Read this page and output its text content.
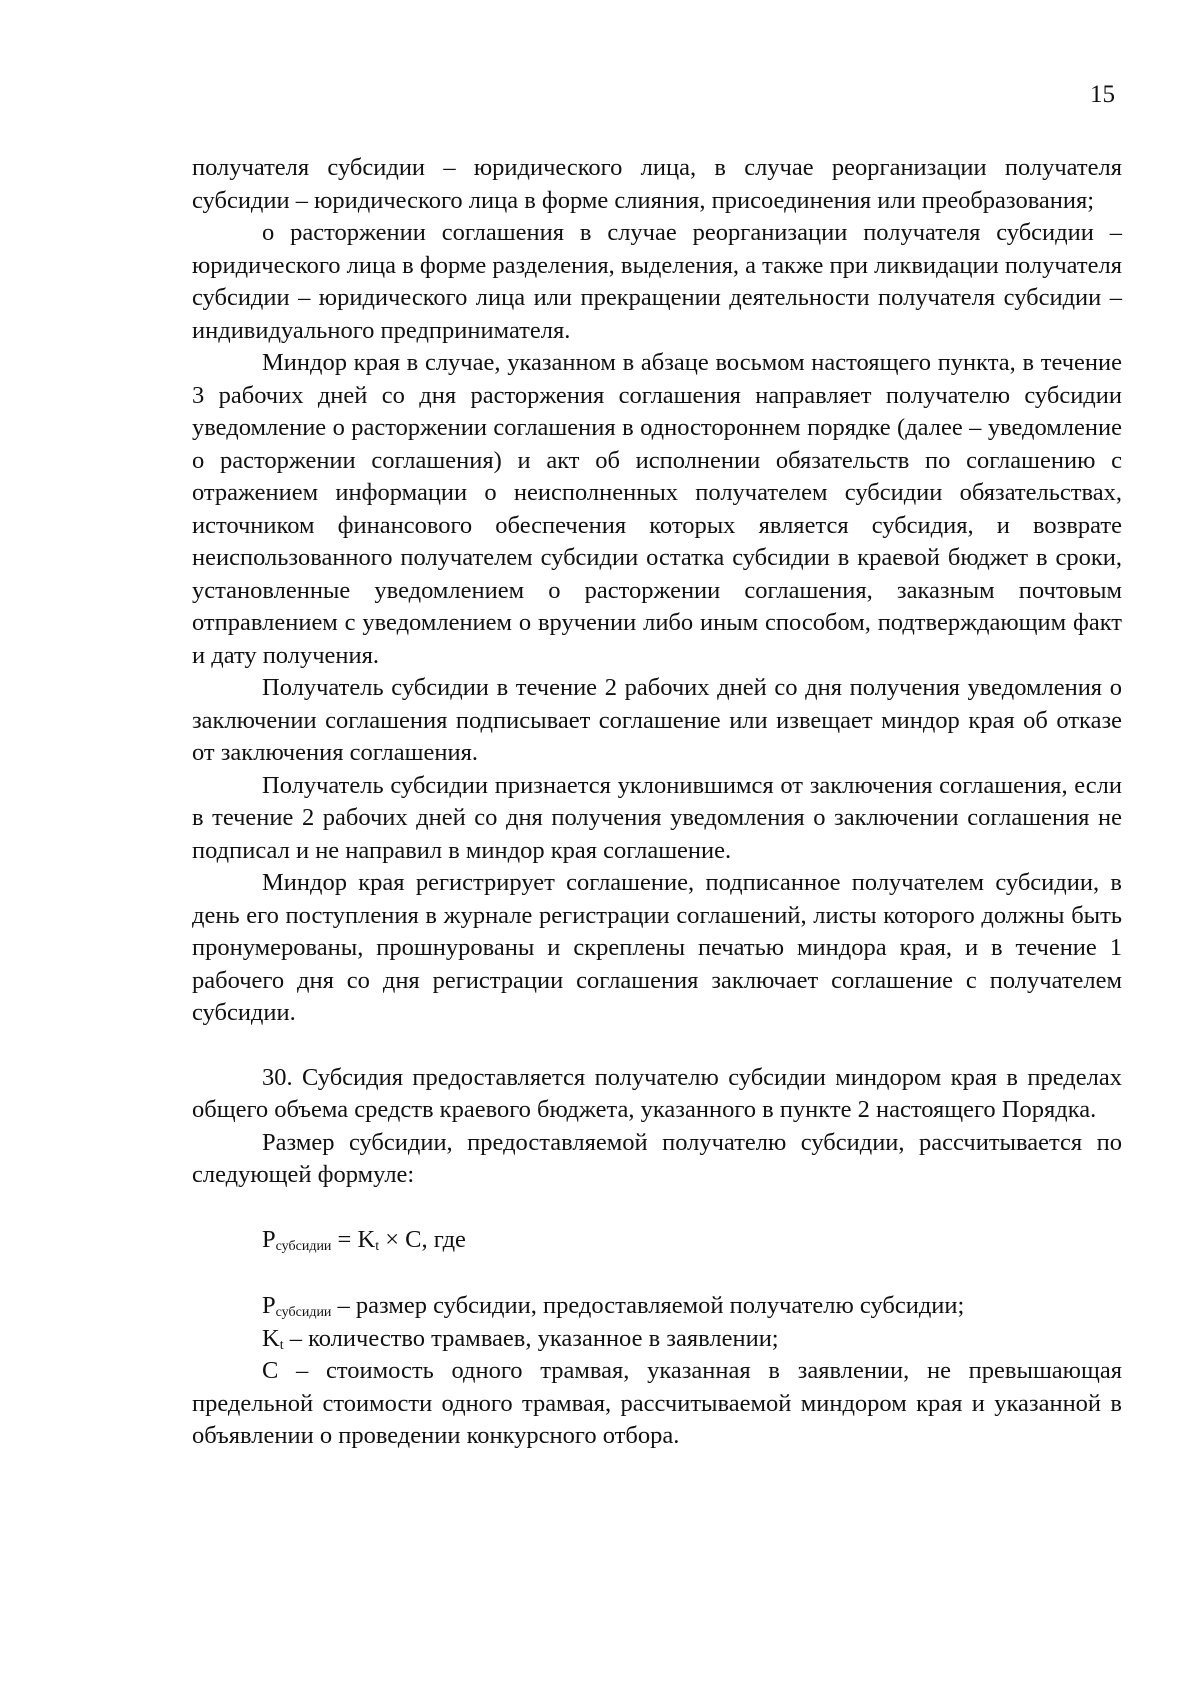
15

получателя субсидии – юридического лица, в случае реорганизации получателя субсидии – юридического лица в форме слияния, присоединения или преобразования;

о расторжении соглашения в случае реорганизации получателя субсидии – юридического лица в форме разделения, выделения, а также при ликвидации получателя субсидии – юридического лица или прекращении деятельности получателя субсидии – индивидуального предпринимателя.

Миндор края в случае, указанном в абзаце восьмом настоящего пункта, в течение 3 рабочих дней со дня расторжения соглашения направляет получателю субсидии уведомление о расторжении соглашения в одностороннем порядке (далее – уведомление о расторжении соглашения) и акт об исполнении обязательств по соглашению с отражением информации о неисполненных получателем субсидии обязательствах, источником финансового обеспечения которых является субсидия, и возврате неиспользованного получателем субсидии остатка субсидии в краевой бюджет в сроки, установленные уведомлением о расторжении соглашения, заказным почтовым отправлением с уведомлением о вручении либо иным способом, подтверждающим факт и дату получения.

Получатель субсидии в течение 2 рабочих дней со дня получения уведомления о заключении соглашения подписывает соглашение или извещает миндор края об отказе от заключения соглашения.

Получатель субсидии признается уклонившимся от заключения соглашения, если в течение 2 рабочих дней со дня получения уведомления о заключении соглашения не подписал и не направил в миндор края соглашение.

Миндор края регистрирует соглашение, подписанное получателем субсидии, в день его поступления в журнале регистрации соглашений, листы которого должны быть пронумерованы, прошнурованы и скреплены печатью миндора края, и в течение 1 рабочего дня со дня регистрации соглашения заключает соглашение с получателем субсидии.

30. Субсидия предоставляется получателю субсидии миндором края в пределах общего объема средств краевого бюджета, указанного в пункте 2 настоящего Порядка.

Размер субсидии, предоставляемой получателю субсидии, рассчитывается по следующей формуле:

$P_{субсидии} = K_t \times C$, где

$P_{субсидии}$ – размер субсидии, предоставляемой получателю субсидии;

$K_t$ – количество трамваев, указанное в заявлении;

C – стоимость одного трамвая, указанная в заявлении, не превышающая предельной стоимости одного трамвая, рассчитываемой миндором края и указанной в объявлении о проведении конкурсного отбора.
